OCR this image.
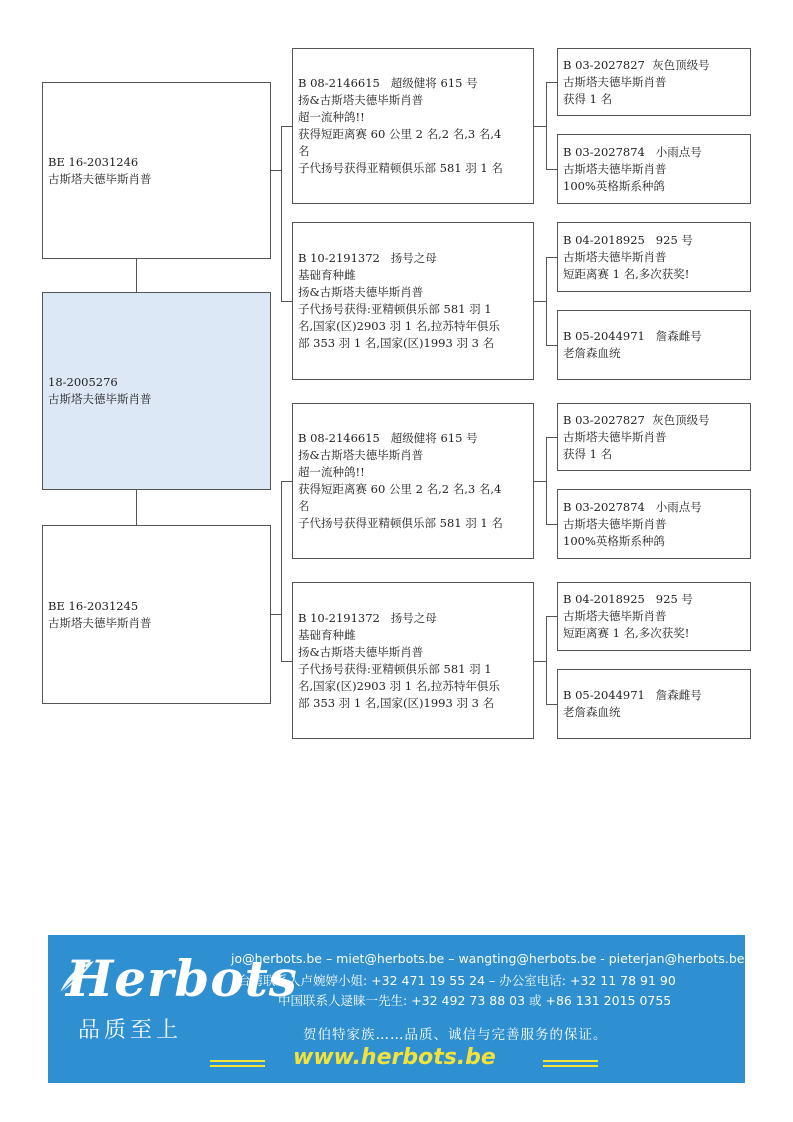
BE 16-2031246
古斯塔夫德毕斯肖普
18-2005276
古斯塔夫德毕斯肖普
BE 16-2031245
古斯塔夫德毕斯肖普
B 08-2146615   超级健将 615 号
扬&古斯塔夫德毕斯肖普
超一流种鸽!!
获得短距离赛 60 公里 2 名,2 名,3 名,4
名
子代扬号获得亚精顿俱乐部 581 羽 1 名
B 10-2191372   扬号之母
基础育种雌
扬&古斯塔夫德毕斯肖普
子代扬号获得:亚精顿俱乐部 581 羽 1
名,国家(区)2903 羽 1 名,拉苏特年俱乐
部 353 羽 1 名,国家(区)1993 羽 3 名
B 08-2146615   超级健将 615 号
扬&古斯塔夫德毕斯肖普
超一流种鸽!!
获得短距离赛 60 公里 2 名,2 名,3 名,4
名
子代扬号获得亚精顿俱乐部 581 羽 1 名
B 10-2191372   扬号之母
基础育种雌
扬&古斯塔夫德毕斯肖普
子代扬号获得:亚精顿俱乐部 581 羽 1
名,国家(区)2903 羽 1 名,拉苏特年俱乐
部 353 羽 1 名,国家(区)1993 羽 3 名
B 03-2027827  灰色顶级号
古斯塔夫德毕斯肖普
获得 1 名
B 03-2027874   小雨点号
古斯塔夫德毕斯肖普
100%英格斯系种鸽
B 04-2018925   925 号
古斯塔夫德毕斯肖普
短距离赛 1 名,多次获奖!
B 05-2044971   詹森雌号
老詹森血统
B 03-2027827  灰色顶级号
古斯塔夫德毕斯肖普
获得 1 名
B 03-2027874   小雨点号
古斯塔夫德毕斯肖普
100%英格斯系种鸽
B 04-2018925   925 号
古斯塔夫德毕斯肖普
短距离赛 1 名,多次获奖!
B 05-2044971   詹森雌号
老詹森血统
Herbots
品质至上
jo@herbots.be – miet@herbots.be – wangting@herbots.be - pieterjan@herbots.be
台湾联系人卢婉婷小姐: +32 471 19 55 24 – 办公室电话: +32 11 78 91 90
中国联系人逯睐一先生: +32 492 73 88 03 或 +86 131 2015 0755
贺伯特家族……品质、诚信与完善服务的保证。
www.herbots.be
